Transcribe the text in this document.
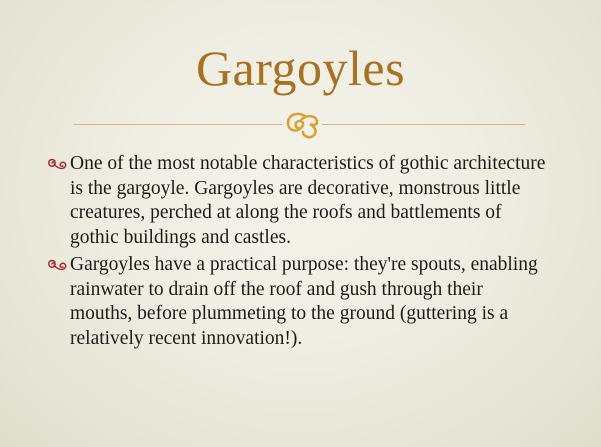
Gargoyles
One of the most notable characteristics of gothic architecture is the gargoyle. Gargoyles are decorative, monstrous little creatures, perched at along the roofs and battlements of gothic buildings and castles.
Gargoyles have a practical purpose: they're spouts, enabling rainwater to drain off the roof and gush through their mouths, before plummeting to the ground (guttering is a relatively recent innovation!).
